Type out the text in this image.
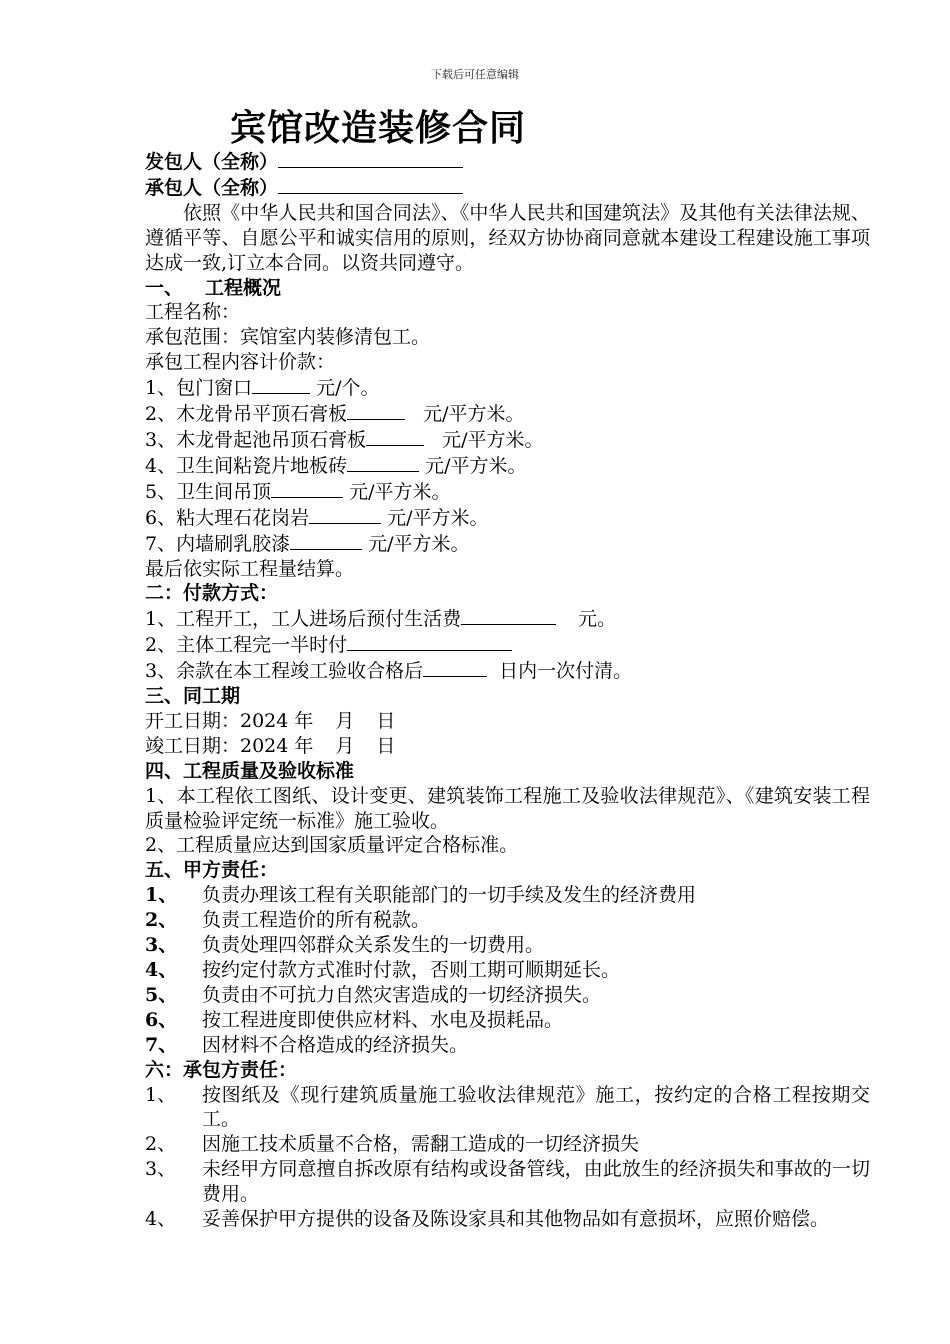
下载后可任意编辑
宾馆改造装修合同
发包人（全称）
承包人（全称）
依照《中华人民共和国合同法》、《中华人民共和国建筑法》及其他有关法律法规、遵循平等、自愿公平和诚实信用的原则，经双方协协商同意就本建设工程建设施工事项达成一致,订立本合同。以资共同遵守。
一、 工程概况
工程名称：
承包范围：宾馆室内装修清包工。
承包工程内容计价款：
1、包门窗口	元/个。
2、木龙骨吊平顶石膏板	元/平方米。
3、木龙骨起池吊顶石膏板	元/平方米。
4、卫生间粘瓷片地板砖	元/平方米。
5、卫生间吊顶	元/平方米。
6、粘大理石花岗岩	元/平方米。
7、内墙刷乳胶漆	元/平方米。
最后依实际工程量结算。
二：付款方式：
1、工程开工，工人进场后预付生活费	元。
2、主体工程完一半时付
3、余款在本工程竣工验收合格后	日内一次付清。
三、同工期
开工日期：2024 年 月 日
竣工日期：2024 年 月 日
四、工程质量及验收标准
1、本工程依工图纸、设计变更、建筑装饰工程施工及验收法律规范》、《建筑安装工程质量检验评定统一标准》施工验收。
2、工程质量应达到国家质量评定合格标准。
五、甲方责任：
1、	负责办理该工程有关职能部门的一切手续及发生的经济费用
2、	负责工程造价的所有税款。
3、	负责处理四邻群众关系发生的一切费用。
4、	按约定付款方式准时付款，否则工期可顺期延长。
5、	负责由不可抗力自然灾害造成的一切经济损失。
6、	按工程进度即使供应材料、水电及损耗品。
7、	因材料不合格造成的经济损失。
六：承包方责任：
1、	按图纸及《现行建筑质量施工验收法律规范》施工，按约定的合格工程按期交工。
2、	因施工技术质量不合格，需翻工造成的一切经济损失
3、	未经甲方同意擅自拆改原有结构或设备管线，由此放生的经济损失和事故的一切费用。
4、	妥善保护甲方提供的设备及陈设家具和其他物品如有意损坏，应照价赔偿。
